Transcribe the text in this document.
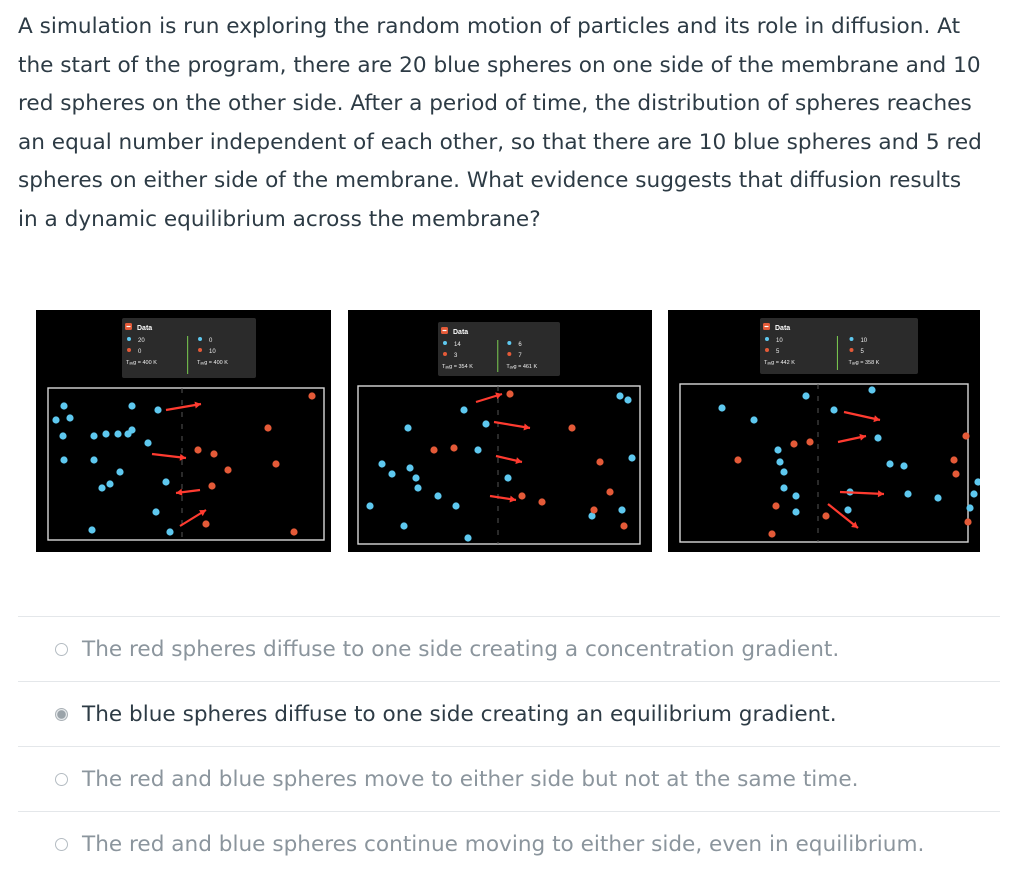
A simulation is run exploring the random motion of particles and its role in diffusion. At
the start of the program, there are 20 blue spheres on one side of the membrane and 10
red spheres on the other side. After a period of time, the distribution of spheres reaches
an equal number independent of each other, so that there are 10 blue spheres and 5 red
spheres on either side of the membrane. What evidence suggests that diffusion results
in a dynamic equilibrium across the membrane?
Data
20
0
Tₐᵥg = 400 K
0
10
Tₐᵥg = 400 K
Data
14
3
Tₐᵥg = 354 K
6
7
Tₐᵥg = 461 K
Data
10
5
Tₐᵥg = 442 K
10
5
Tₐᵥg = 358 K
The red spheres diffuse to one side creating a concentration gradient.
The blue spheres diffuse to one side creating an equilibrium gradient.
The red and blue spheres move to either side but not at the same time.
The red and blue spheres continue moving to either side, even in equilibrium.
